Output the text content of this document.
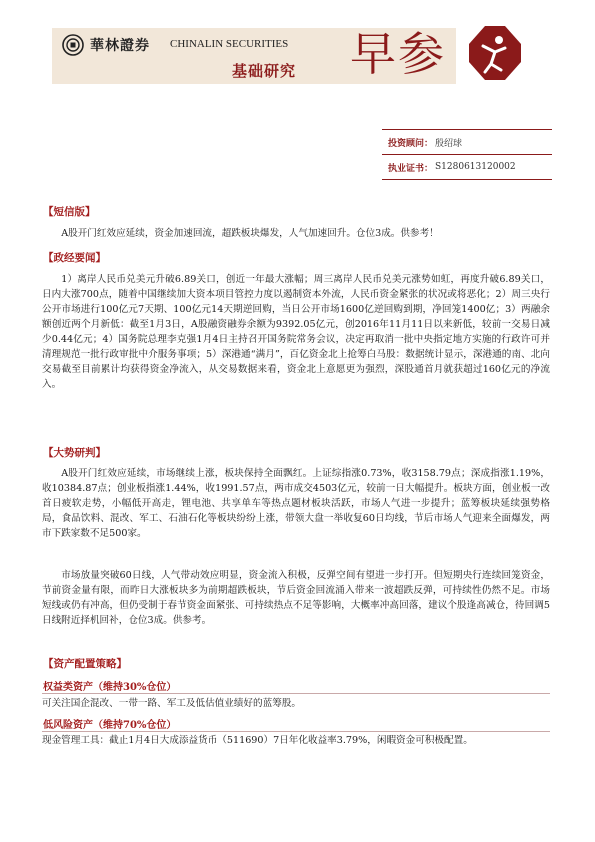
華林證券 CHINALIN SECURITIES
基础研究 早参
投资顾问： 殷绍球
执业证书： S1280613120002
【短信版】

A股开门红效应延续，资金加速回流，超跌板块爆发，人气加速回升。仓位3成。供参考！

【政经要闻】

1）离岸人民币兑美元升破6.89关口，创近一年最大涨幅；周三离岸人民币兑美元涨势如虹，再度升破6.89关口，日内大涨700点，随着中国继续加大资本项目管控力度以遏制资本外流，人民币资金紧张的状况或将恶化；2）周三央行公开市场进行100亿元7天期、100亿元14天期逆回购，当日公开市场1600亿逆回购到期，净回笼1400亿；3）两融余额创近两个月新低：截至1月3日，A股融资融券余额为9392.05亿元，创2016年11月11日以来新低，较前一交易日减少0.44亿元；4）国务院总理李克强1月4日主持召开国务院常务会议，决定再取消一批中央指定地方实施的行政许可并清理规范一批行政审批中介服务事项；5）深港通“满月”，百亿资金北上抢筹白马股：数据统计显示，深港通的南、北向交易截至目前累计均获得资金净流入，从交易数据来看，资金北上意愿更为强烈，深股通首月就获超过160亿元的净流入。

【大势研判】

A股开门红效应延续，市场继续上涨，板块保持全面飘红。上证综指涨0.73%，收3158.79点；深成指涨1.19%，收10384.87点；创业板指涨1.44%，收1991.57点，两市成交4503亿元，较前一日大幅提升。板块方面，创业板一改首日疲软走势，小幅低开高走，锂电池、共享单车等热点题材板块活跃，市场人气进一步提升；蓝筹板块延续强势格局，食品饮料、混改、军工、石油石化等板块纷纷上涨，带领大盘一举收复60日均线，节后市场人气迎来全面爆发，两市下跌家数不足500家。

市场放量突破60日线，人气带动效应明显，资金流入积极，反弹空间有望进一步打开。但短期央行连续回笼资金，节前资金量有限，而昨日大涨板块多为前期超跌板块，节后资金回流涌入带来一波超跌反弹，可持续性仍然不足。市场短线或仍有冲高，但仍受制于春节资金面紧张、可持续热点不足等影响，大概率冲高回落，建议个股逢高减仓，待回调5日线附近择机回补，仓位3成。供参考。

【资产配置策略】
权益类资产（维持30%仓位）

可关注国企混改、一带一路、军工及低估值业绩好的蓝筹股。

低风险资产（维持70%仓位）

现金管理工具：截止1月4日大成添益货币（511690）7日年化收益率3.79%，闲暇资金可积极配置。
